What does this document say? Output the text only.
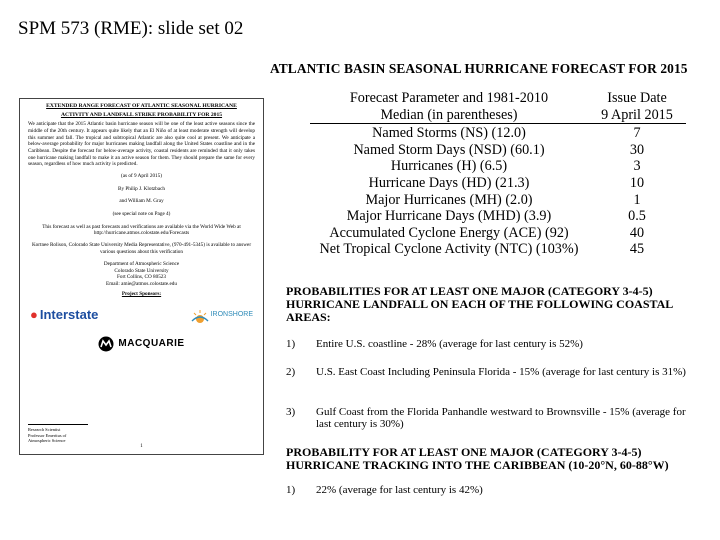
SPM 573 (RME): slide set 02
EXTENDED RANGE FORECAST OF ATLANTIC SEASONAL HURRICANE
ACTIVITY AND LANDFALL STRIKE PROBABILITY FOR 2015
We anticipate that the 2015 Atlantic basin hurricane season will be one of the least active seasons since the middle of the 20th century. It appears quite likely that an El Niño of at least moderate strength will develop this summer and fall. The tropical and subtropical Atlantic are also quite cool at present. We anticipate a below-average probability for major hurricanes making landfall along the United States coastline and in the Caribbean. Despite the forecast for below-average activity, coastal residents are reminded that it only takes one hurricane making landfall to make it an active season for them. They should prepare the same for every season, regardless of how much activity is predicted.
(as of 9 April 2015)
By Philip J. Klotzbach
and William M. Gray
(see special note on Page 4)
This forecast as well as past forecasts and verifications are available via the World Wide Web at http://hurricane.atmos.colostate.edu/Forecasts
Kortnee Rolison, Colorado State University Media Representative, (970-491-5345) is available to answer various questions about this verification
Department of Atmospheric Science
Colorado State University
Fort Collins, CO 80523
Email: amie@atmos.colostate.edu
Project Sponsors:
● Interstate	IRONSHORE
MACQUARIE
Research Scientist
Professor Emeritus of Atmospheric Science
1
ATLANTIC BASIN SEASONAL HURRICANE FORECAST FOR 2015
Forecast Parameter and 1981-2010	Issue Date
Median (in parentheses)	9 April 2015
Named Storms (NS) (12.0)	7
Named Storm Days (NSD) (60.1)	30
Hurricanes (H) (6.5)	3
Hurricane Days (HD) (21.3)	10
Major Hurricanes (MH) (2.0)	1
Major Hurricane Days (MHD) (3.9)	0.5
Accumulated Cyclone Energy (ACE) (92)	40
Net Tropical Cyclone Activity (NTC) (103%)	45
PROBABILITIES FOR AT LEAST ONE MAJOR (CATEGORY 3-4-5) HURRICANE LANDFALL ON EACH OF THE FOLLOWING COASTAL AREAS:
1)	Entire U.S. coastline - 28% (average for last century is 52%)
2)	U.S. East Coast Including Peninsula Florida - 15% (average for last century is 31%)
3)	Gulf Coast from the Florida Panhandle westward to Brownsville - 15% (average for last century is 30%)
PROBABILITY FOR AT LEAST ONE MAJOR (CATEGORY 3-4-5) HURRICANE TRACKING INTO THE CARIBBEAN (10-20°N, 60-88°W)
1)	22% (average for last century is 42%)
